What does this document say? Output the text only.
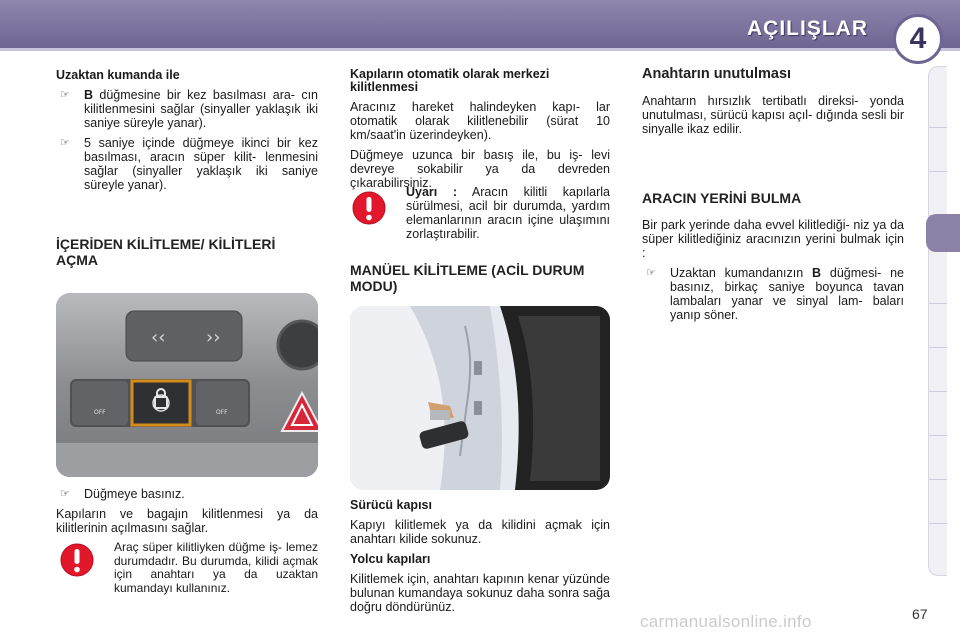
AÇILIŞLAR	4
Uzaktan kumanda ile
☞	B düğmesine bir kez basılması ara- cın kilitlenmesini sağlar (sinyaller yaklaşık iki saniye süreyle yanar).
☞	5 saniye içinde düğmeye ikinci bir kez basılması, aracın süper kilit- lenmesini sağlar (sinyaller yaklaşık iki saniye süreyle yanar).
İÇERİDEN KİLİTLEME/ KİLİTLERİ AÇMA
‹‹ ››
OFF	OFF
☞	Düğmeye basınız.

Kapıların ve bagajın kilitlenmesi ya da kilitlerinin açılmasını sağlar.

Araç süper kilitliyken düğme iş- lemez durumdadır. Bu durumda, kilidi açmak için anahtarı ya da uzaktan kumandayı kullanınız.
Kapıların otomatik olarak merkezi kilitlenmesi

Aracınız hareket halindeyken kapı- lar otomatik olarak kilitlenebilir (sürat 10 km/saat'in üzerindeyken).

Düğmeye uzunca bir basış ile, bu iş- levi devreye sokabilir ya da devreden çıkarabilirsiniz.

Uyarı : Aracın kilitli kapılarla sürülmesi, acil bir durumda, yardım elemanlarının aracın içine ulaşımını zorlaştırabilir.
MANÜEL KİLİTLEME (ACİL DURUM MODU)
Sürücü kapısı

Kapıyı kilitlemek ya da kilidini açmak için anahtarı kilide sokunuz.

Yolcu kapıları

Kilitlemek için, anahtarı kapının kenar yüzünde bulunan kumandaya sokunuz daha sonra sağa doğru döndürünüz.

Anahtarın unutulması

Anahtarın hırsızlık tertibatlı direksi- yonda unutulması, sürücü kapısı açıl- dığında sesli bir sinyalle ikaz edilir.

ARACIN YERİNİ BULMA

Bir park yerinde daha evvel kilitlediği- niz ya da süper kilitlediğiniz aracınızın yerini bulmak için :

☞	Uzaktan kumandanızın B düğmesi- ne basınız, birkaç saniye boyunca tavan lambaları yanar ve sinyal lam- baları yanıp söner.
67
carmanualsonline.info
